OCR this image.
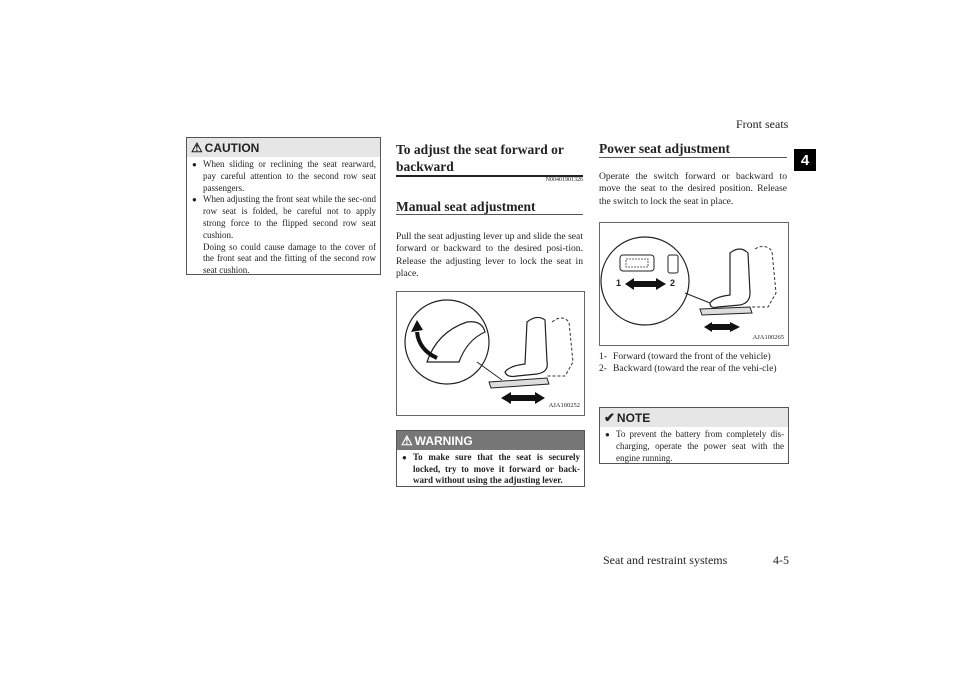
Front seats
4
⚠ CAUTION
● When sliding or reclining the seat rearward, pay careful attention to the second row seat passengers.
● When adjusting the front seat while the sec-ond row seat is folded, be careful not to apply strong force to the flipped second row seat cushion.
Doing so could cause damage to the cover of the front seat and the fitting of the second row seat cushion.
To adjust the seat forward or backward
N00401901326
Manual seat adjustment
Pull the seat adjusting lever up and slide the seat forward or backward to the desired posi-tion. Release the adjusting lever to lock the seat in place.
AJA100252
⚠ WARNING
● To make sure that the seat is securely locked, try to move it forward or back-ward without using the adjusting lever.
Power seat adjustment
Operate the switch forward or backward to move the seat to the desired position. Release the switch to lock the seat in place.
1	2
AJA100265
1- Forward (toward the front of the vehicle)
2- Backward (toward the rear of the vehi-cle)
✔ NOTE
● To prevent the battery from completely dis-charging, operate the power seat with the engine running.
Seat and restraint systems	4-5
